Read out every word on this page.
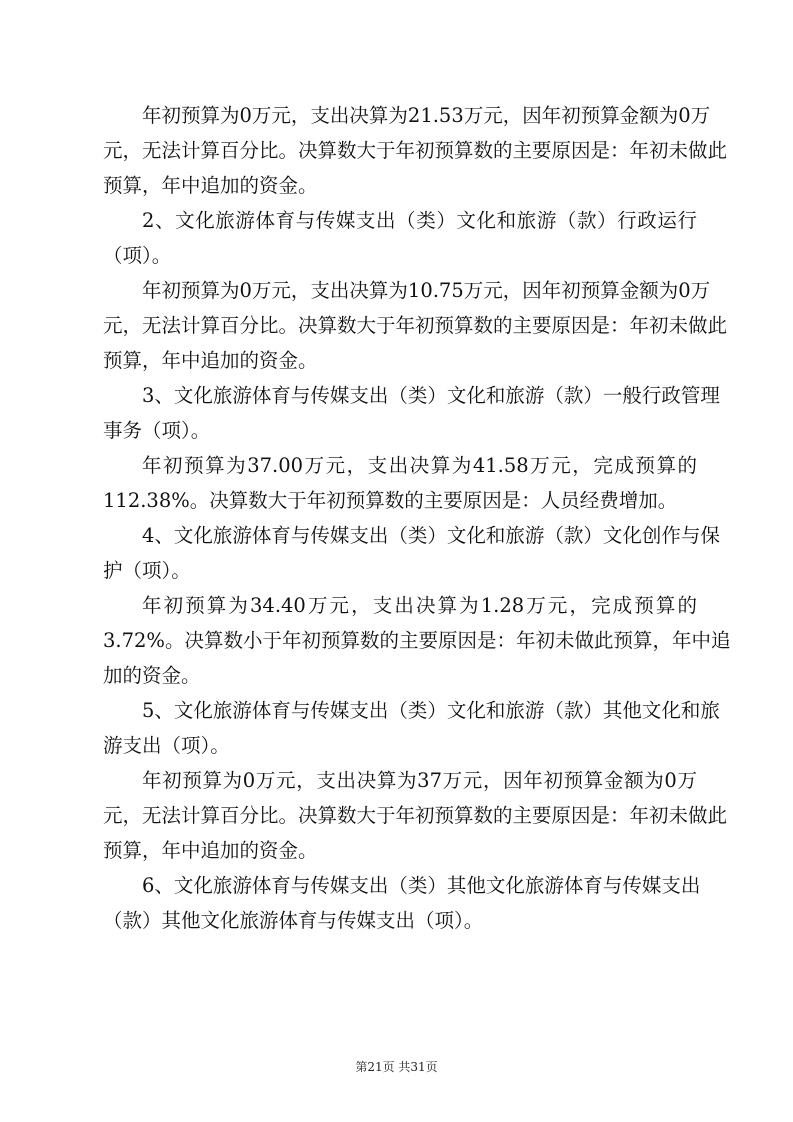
年初预算为0万元，支出决算为21.53万元，因年初预算金额为0万
元，无法计算百分比。决算数大于年初预算数的主要原因是：年初未做此
预算，年中追加的资金。
2、文化旅游体育与传媒支出（类）文化和旅游（款）行政运行
（项）。
年初预算为0万元，支出决算为10.75万元，因年初预算金额为0万
元，无法计算百分比。决算数大于年初预算数的主要原因是：年初未做此
预算，年中追加的资金。
3、文化旅游体育与传媒支出（类）文化和旅游（款）一般行政管理
事务（项）。
年初预算为37.00万元，支出决算为41.58万元，完成预算的
112.38%。决算数大于年初预算数的主要原因是：人员经费增加。
4、文化旅游体育与传媒支出（类）文化和旅游（款）文化创作与保
护（项）。
年初预算为34.40万元，支出决算为1.28万元，完成预算的
3.72%。决算数小于年初预算数的主要原因是：年初未做此预算，年中追
加的资金。
5、文化旅游体育与传媒支出（类）文化和旅游（款）其他文化和旅
游支出（项）。
年初预算为0万元，支出决算为37万元，因年初预算金额为0万
元，无法计算百分比。决算数大于年初预算数的主要原因是：年初未做此
预算，年中追加的资金。
6、文化旅游体育与传媒支出（类）其他文化旅游体育与传媒支出
（款）其他文化旅游体育与传媒支出（项）。
第21页 共31页
